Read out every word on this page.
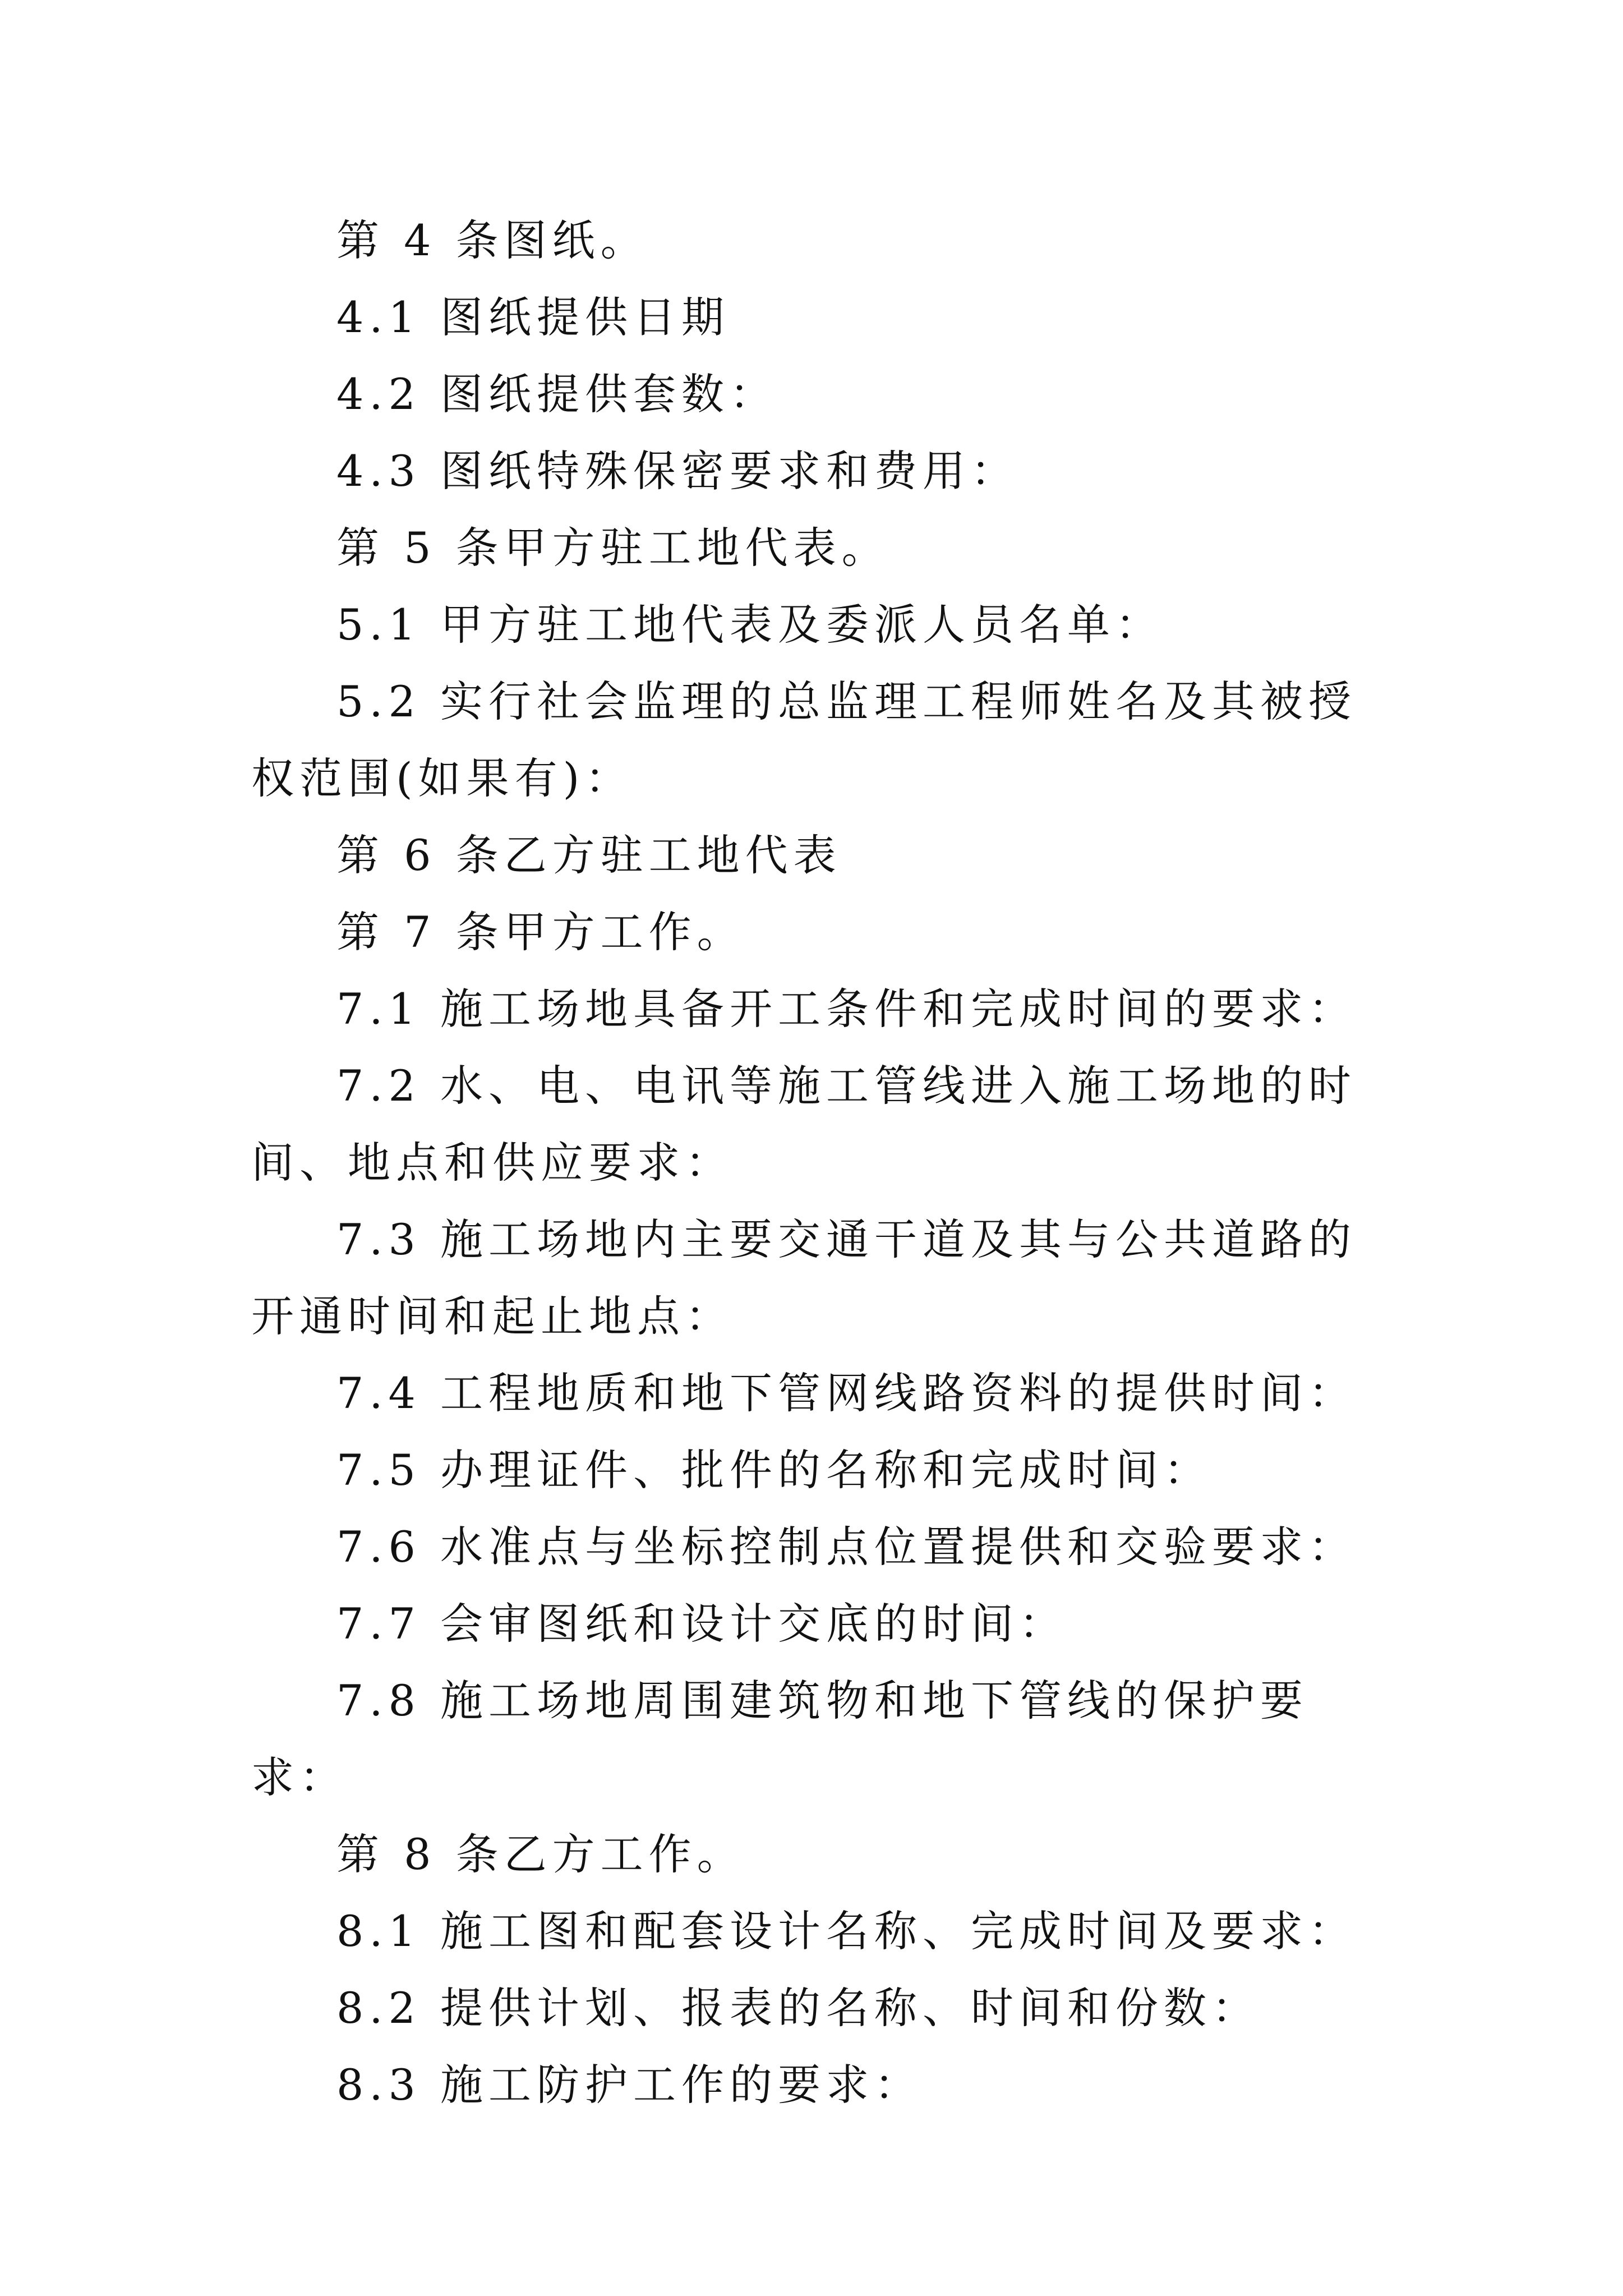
第 4 条图纸。

4.1 图纸提供日期

4.2 图纸提供套数：

4.3 图纸特殊保密要求和费用：

第 5 条甲方驻工地代表。

5.1 甲方驻工地代表及委派人员名单：

5.2 实行社会监理的总监理工程师姓名及其被授权范围(如果有)：

第 6 条乙方驻工地代表

第 7 条甲方工作。

7.1 施工场地具备开工条件和完成时间的要求：

7.2 水、电、电讯等施工管线进入施工场地的时间、地点和供应要求：

7.3 施工场地内主要交通干道及其与公共道路的开通时间和起止地点：

7.4 工程地质和地下管网线路资料的提供时间：

7.5 办理证件、批件的名称和完成时间：

7.6 水准点与坐标控制点位置提供和交验要求：

7.7 会审图纸和设计交底的时间：

7.8 施工场地周围建筑物和地下管线的保护要求：

第 8 条乙方工作。

8.1 施工图和配套设计名称、完成时间及要求：

8.2 提供计划、报表的名称、时间和份数：

8.3 施工防护工作的要求：
